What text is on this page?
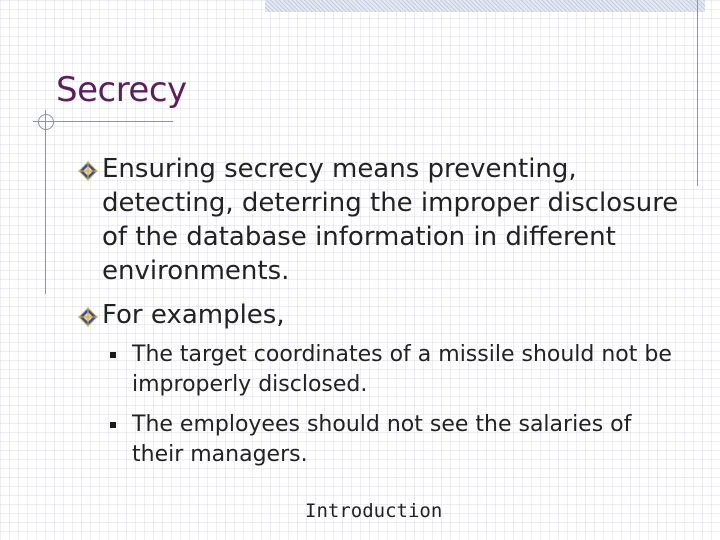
Secrecy
Ensuring secrecy means preventing, detecting, deterring the improper disclosure of the database information in different environments.
For examples,
The target coordinates of a missile should not be improperly disclosed.
The employees should not see the salaries of their managers.
Introduction
